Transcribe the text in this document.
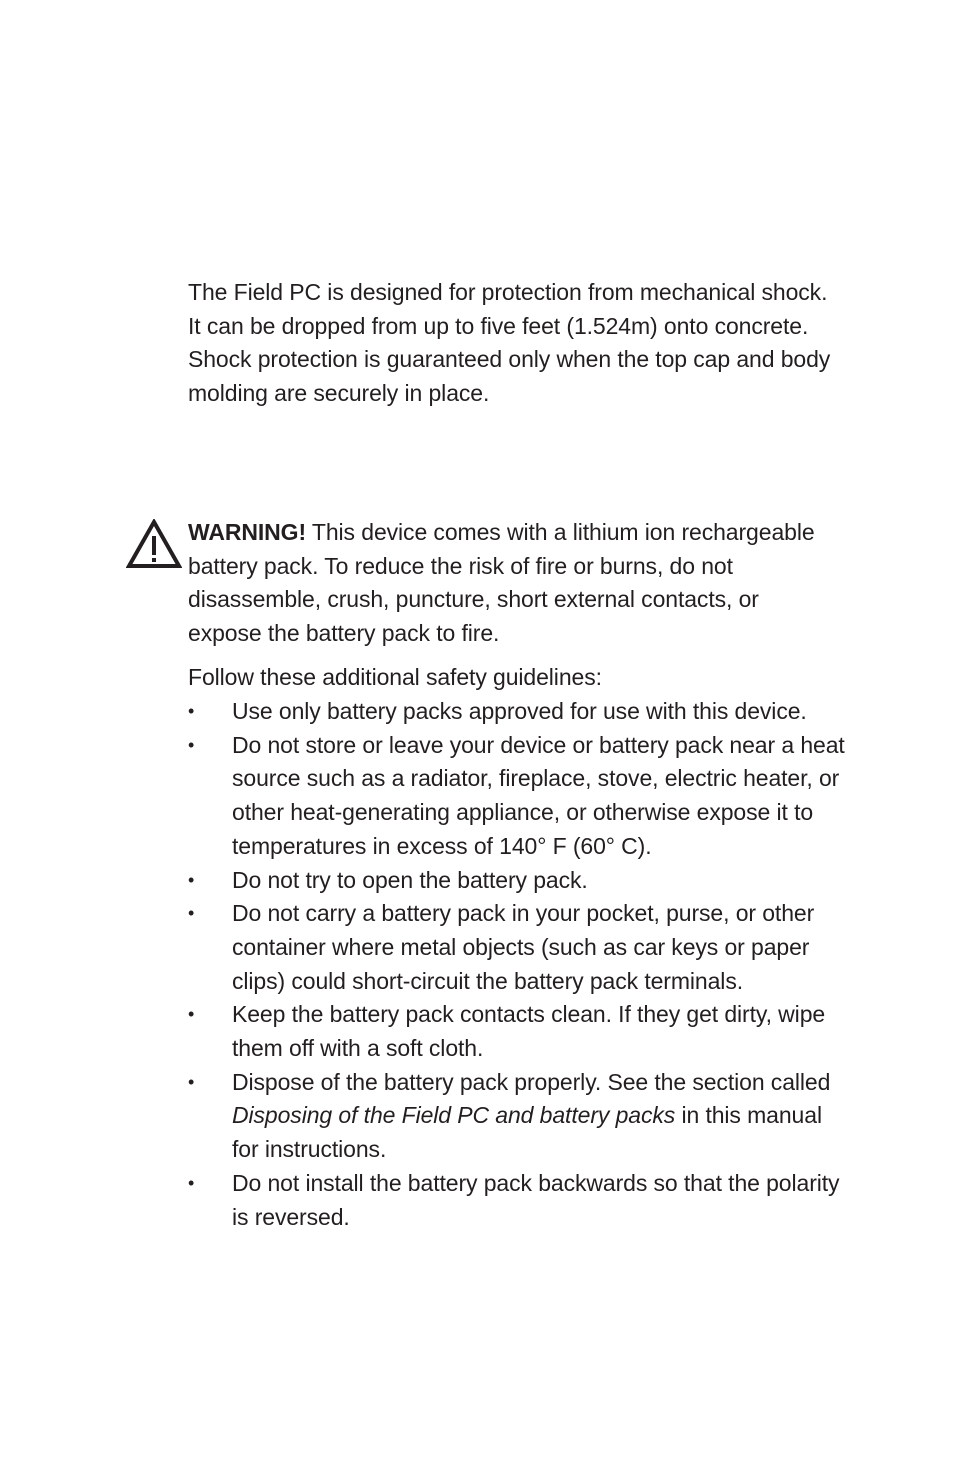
The Field PC is designed for protection from mechanical shock. It can be dropped from up to five feet (1.524m) onto concrete. Shock protection is guaranteed only when the top cap and body molding are securely in place.

WARNING! This device comes with a lithium ion rechargeable battery pack. To reduce the risk of fire or burns, do not disassemble, crush, puncture, short external contacts, or expose the battery pack to fire.

Follow these additional safety guidelines:

• Use only battery packs approved for use with this device.
• Do not store or leave your device or battery pack near a heat source such as a radiator, fireplace, stove, electric heater, or other heat-generating appliance, or otherwise expose it to temperatures in excess of 140° F (60° C).
• Do not try to open the battery pack.
• Do not carry a battery pack in your pocket, purse, or other container where metal objects (such as car keys or paper clips) could short-circuit the battery pack terminals.
• Keep the battery pack contacts clean. If they get dirty, wipe them off with a soft cloth.
• Dispose of the battery pack properly. See the section called Disposing of the Field PC and battery packs in this manual for instructions.
• Do not install the battery pack backwards so that the polarity is reversed.
